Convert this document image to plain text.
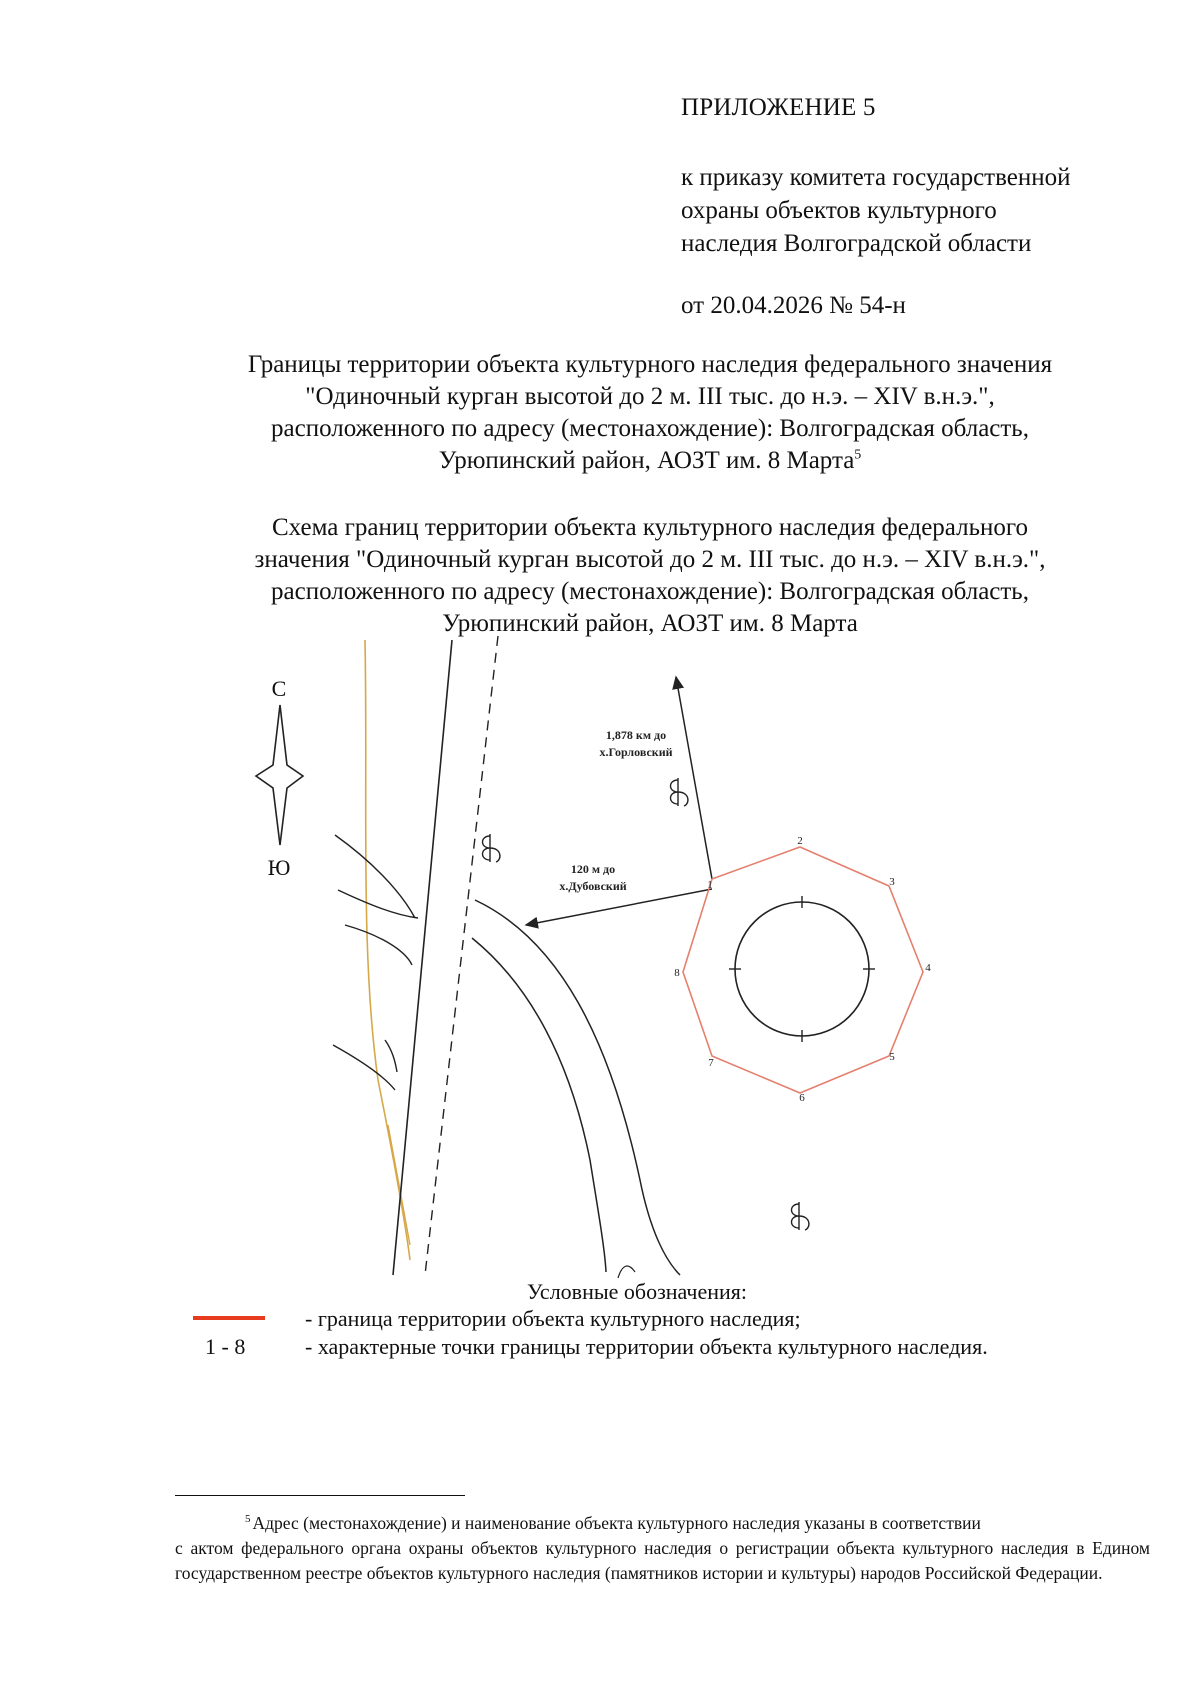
ПРИЛОЖЕНИЕ 5
к приказу комитета государственной
охраны объектов культурного
наследия Волгоградской области
от 20.04.2026 № 54-н
Границы территории объекта культурного наследия федерального значения
"Одиночный курган высотой до 2 м. III тыс. до н.э. – XIV в.н.э.",
расположенного по адресу (местонахождение): Волгоградская область,
Урюпинский район, АОЗТ им. 8 Марта$^5$
Схема границ территории объекта культурного наследия федерального
значения "Одиночный курган высотой до 2 м. III тыс. до н.э. – XIV в.н.э.",
расположенного по адресу (местонахождение): Волгоградская область,
Урюпинский район, АОЗТ им. 8 Марта
С
Ю
1,878 км до
х.Горловский
120 м до
х.Дубовский	1
2
3
4
5
6
7
8
Условные обозначения:
- граница территории объекта культурного наследия;
1 - 8	- характерные точки границы территории объекта культурного наследия.
$^5$ Адрес (местонахождение) и наименование объекта культурного наследия указаны в соответствии
с актом федерального органа охраны объектов культурного наследия о регистрации объекта культурного наследия в Едином государственном реестре объектов культурного наследия (памятников истории и культуры) народов Российской Федерации.
